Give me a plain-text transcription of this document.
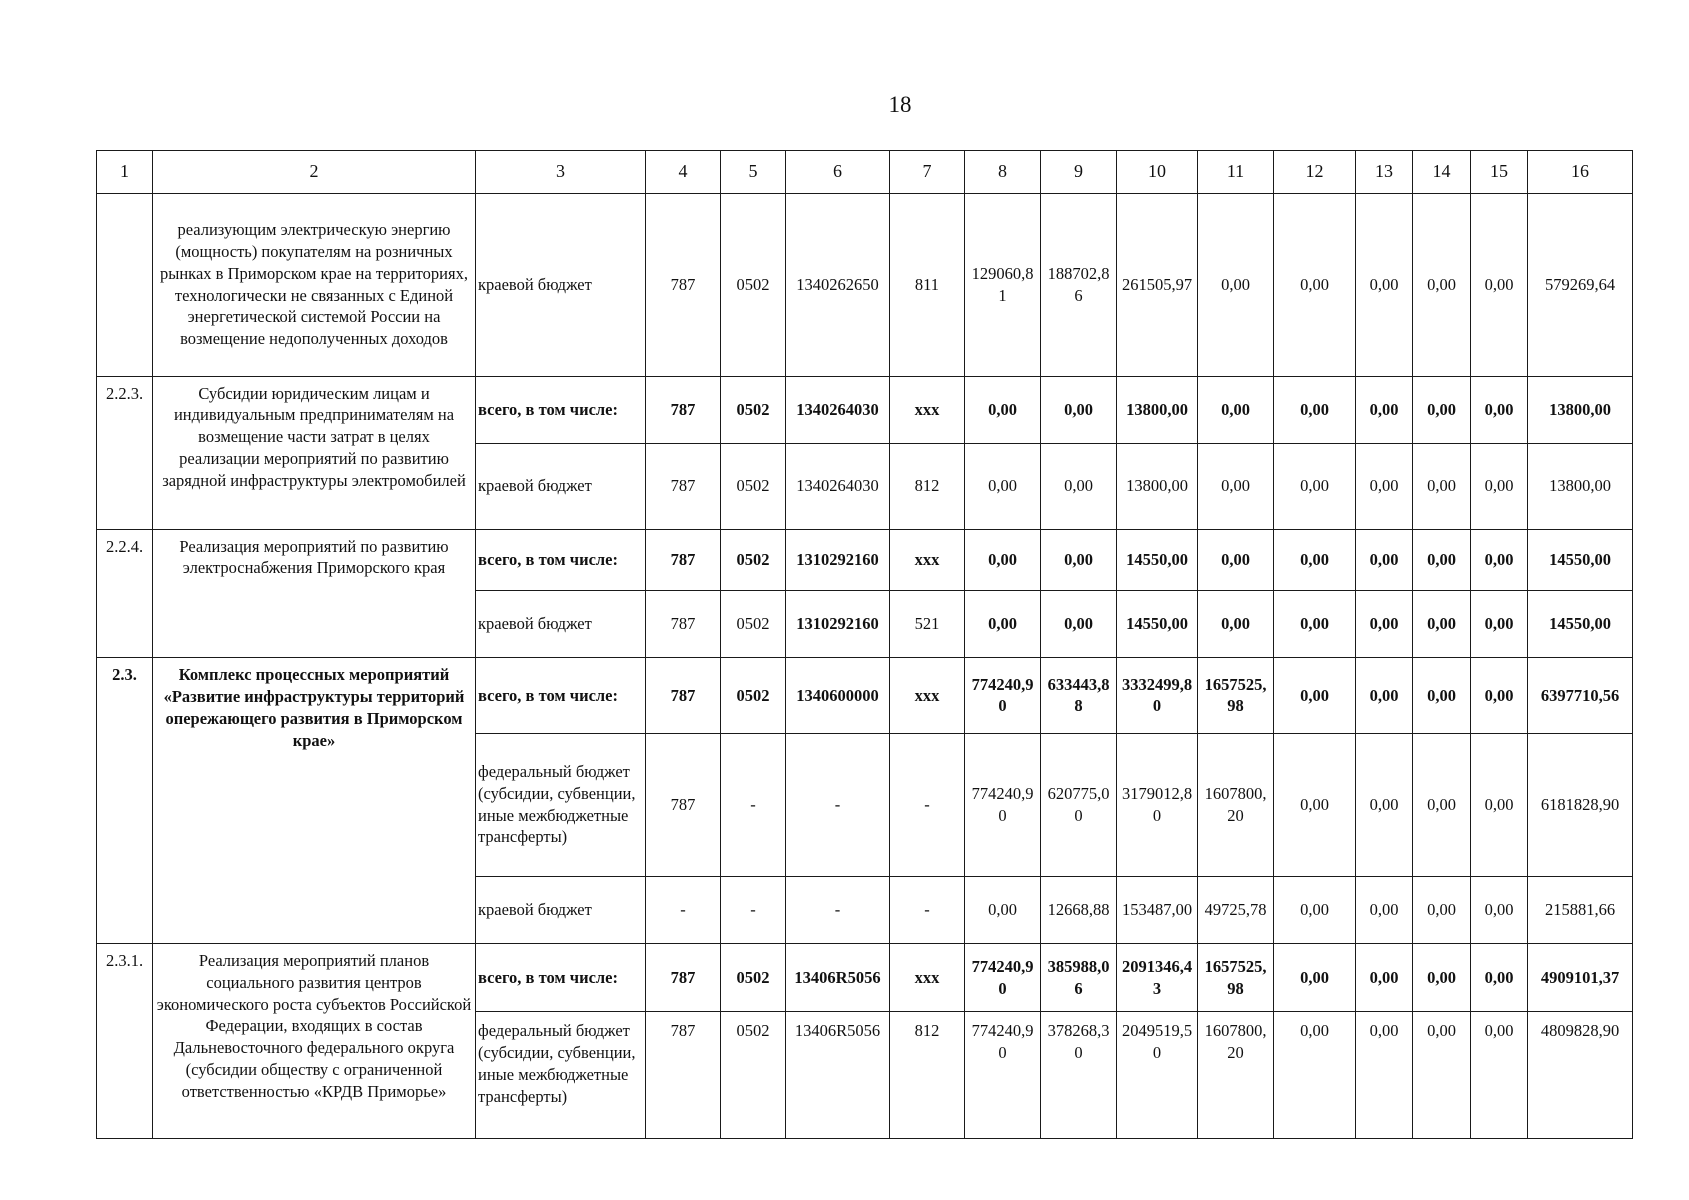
18
1	2	3	4	5	6	7	8	9	10	11	12	13	14	15	16
	реализующим электрическую энергию (мощность) покупателям на розничных рынках в Приморском крае на территориях, технологически не связанных с Единой энергетической системой России на возмещение недополученных доходов	краевой бюджет	787	0502	1340262650	811	129060,81	188702,86	261505,97	0,00	0,00	0,00	0,00	0,00	579269,64
2.2.3.	Субсидии юридическим лицам и индивидуальным предпринимателям на возмещение части затрат в целях реализации мероприятий по развитию зарядной инфраструктуры электромобилей	всего, в том числе:	787	0502	1340264030	xxx	0,00	0,00	13800,00	0,00	0,00	0,00	0,00	0,00	13800,00
		краевой бюджет	787	0502	1340264030	812	0,00	0,00	13800,00	0,00	0,00	0,00	0,00	0,00	13800,00
2.2.4.	Реализация мероприятий по развитию электроснабжения Приморского края	всего, в том числе:	787	0502	1310292160	xxx	0,00	0,00	14550,00	0,00	0,00	0,00	0,00	0,00	14550,00
		краевой бюджет	787	0502	1310292160	521	0,00	0,00	14550,00	0,00	0,00	0,00	0,00	0,00	14550,00
2.3.	Комплекс процессных мероприятий «Развитие инфраструктуры территорий опережающего развития в Приморском крае»	всего, в том числе:	787	0502	1340600000	xxx	774240,90	633443,88	3332499,80	1657525,98	0,00	0,00	0,00	0,00	6397710,56
		федеральный бюджет (субсидии, субвенции, иные межбюджетные трансферты)	787	-	-	-	774240,90	620775,00	3179012,80	1607800,20	0,00	0,00	0,00	0,00	6181828,90
		краевой бюджет	-	-	-	-	0,00	12668,88	153487,00	49725,78	0,00	0,00	0,00	0,00	215881,66
2.3.1.	Реализация мероприятий планов социального развития центров экономического роста субъектов Российской Федерации, входящих в состав Дальневосточного федерального округа (субсидии обществу с ограниченной ответственностью «КРДВ Приморье»	всего, в том числе:	787	0502	13406R5056	xxx	774240,90	385988,06	2091346,43	1657525,98	0,00	0,00	0,00	0,00	4909101,37
		федеральный бюджет (субсидии, субвенции, иные межбюджетные трансферты)	787	0502	13406R5056	812	774240,90	378268,30	2049519,50	1607800,20	0,00	0,00	0,00	0,00	4809828,90
